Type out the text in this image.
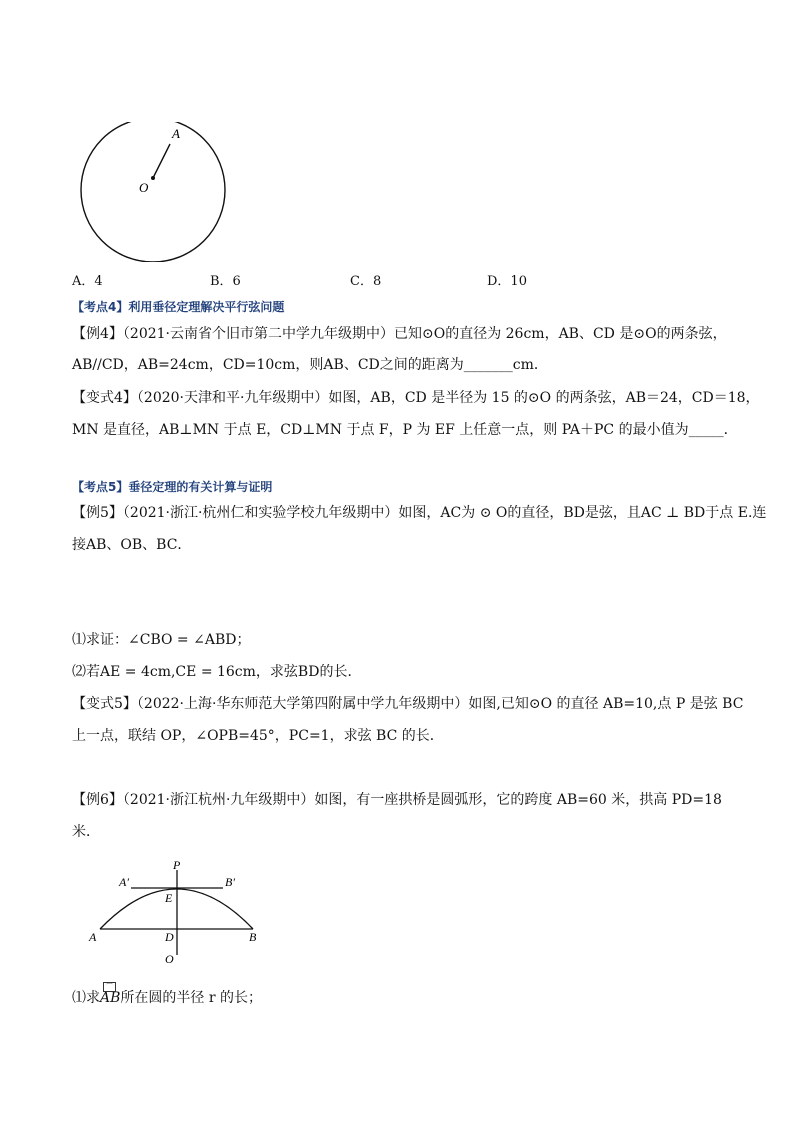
A
O
A．4	B．6	C．8	D．10
【考点4】利用垂径定理解决平行弦问题
【例4】（2021·云南省个旧市第二中学九年级期中）已知⊙O的直径为 26cm，AB、CD 是⊙O的两条弦，
AB//CD，AB=24cm，CD=10cm，则AB、CD之间的距离为_______cm．
【变式4】（2020·天津和平·九年级期中）如图，AB，CD 是半径为 15 的⊙O 的两条弦，AB＝24，CD＝18，
MN 是直径，AB⊥MN 于点 E，CD⊥MN 于点 F，P 为 EF 上任意一点，则 PA＋PC 的最小值为_____．
【考点5】垂径定理的有关计算与证明
【例5】（2021·浙江·杭州仁和实验学校九年级期中）如图，AC为 ⊙ O的直径，BD是弦，且AC ⊥ BD于点 E.连
接AB、OB、BC．
⑴求证：∠CBO = ∠ABD；
⑵若AE = 4cm,CE = 16cm，求弦BD的长．
【变式5】（2022·上海·华东师范大学第四附属中学九年级期中）如图,已知⊙O 的直径 AB=10,点 P 是弦 BC
上一点，联结 OP，∠OPB=45°，PC=1，求弦 BC 的长．
【例6】（2021·浙江杭州·九年级期中）如图，有一座拱桥是圆弧形，它的跨度 AB=60 米，拱高 PD=18
米．
P
A′	B′
E
A	D	B
O
⑴求
⌒
AB所在圆的半径 r 的长；
